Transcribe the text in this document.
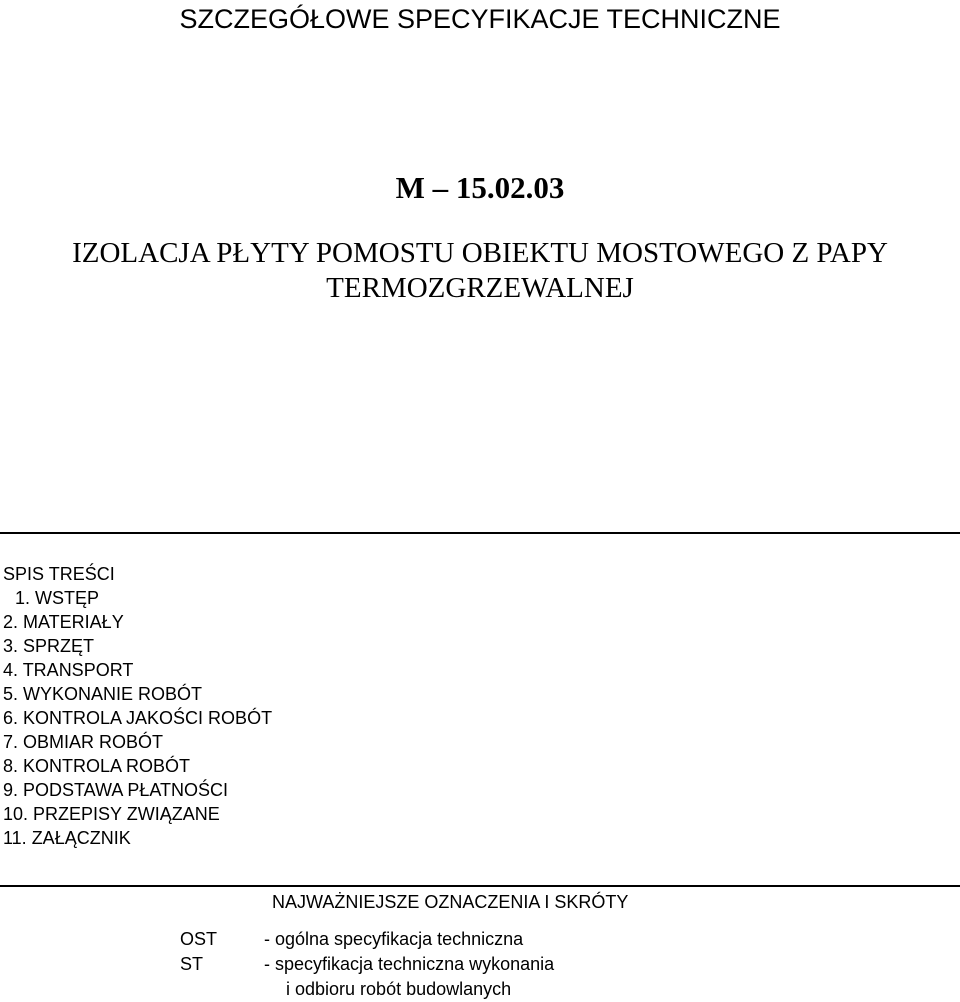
SZCZEGÓŁOWE SPECYFIKACJE TECHNICZNE
M – 15.02.03
IZOLACJA PŁYTY POMOSTU OBIEKTU MOSTOWEGO Z PAPY
TERMOZGRZEWALNEJ
SPIS TREŚCI
1. WSTĘP
2. MATERIAŁY
3. SPRZĘT
4. TRANSPORT
5. WYKONANIE ROBÓT
6. KONTROLA JAKOŚCI ROBÓT
7. OBMIAR ROBÓT
8. KONTROLA ROBÓT
9. PODSTAWA PŁATNOŚCI
10. PRZEPISY ZWIĄZANE
11. ZAŁĄCZNIK
NAJWAŻNIEJSZE OZNACZENIA I SKRÓTY
OST	- ogólna specyfikacja techniczna
ST	- specyfikacja techniczna wykonania
i odbioru robót budowlanych
